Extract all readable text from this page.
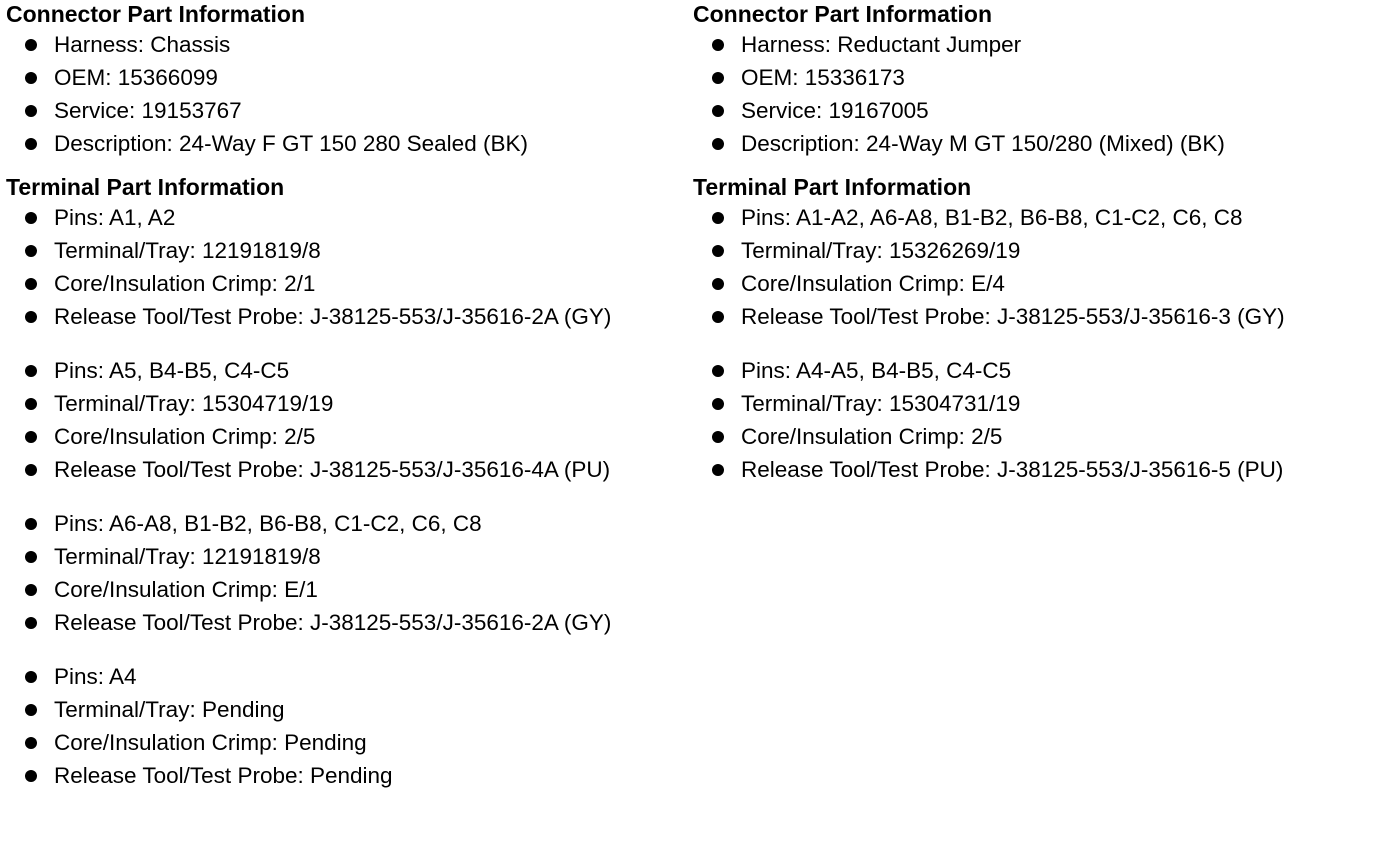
Connector Part Information
Harness: Chassis
OEM: 15366099
Service: 19153767
Description: 24-Way F GT 150 280 Sealed (BK)
Terminal Part Information
Pins: A1, A2
Terminal/Tray: 12191819/8
Core/Insulation Crimp: 2/1
Release Tool/Test Probe: J-38125-553/J-35616-2A (GY)
Pins: A5, B4-B5, C4-C5
Terminal/Tray: 15304719/19
Core/Insulation Crimp: 2/5
Release Tool/Test Probe: J-38125-553/J-35616-4A (PU)
Pins: A6-A8, B1-B2, B6-B8, C1-C2, C6, C8
Terminal/Tray: 12191819/8
Core/Insulation Crimp: E/1
Release Tool/Test Probe: J-38125-553/J-35616-2A (GY)
Pins: A4
Terminal/Tray: Pending
Core/Insulation Crimp: Pending
Release Tool/Test Probe: Pending
Connector Part Information
Harness: Reductant Jumper
OEM: 15336173
Service: 19167005
Description: 24-Way M GT 150/280 (Mixed) (BK)
Terminal Part Information
Pins: A1-A2, A6-A8, B1-B2, B6-B8, C1-C2, C6, C8
Terminal/Tray: 15326269/19
Core/Insulation Crimp: E/4
Release Tool/Test Probe: J-38125-553/J-35616-3 (GY)
Pins: A4-A5, B4-B5, C4-C5
Terminal/Tray: 15304731/19
Core/Insulation Crimp: 2/5
Release Tool/Test Probe: J-38125-553/J-35616-5 (PU)
